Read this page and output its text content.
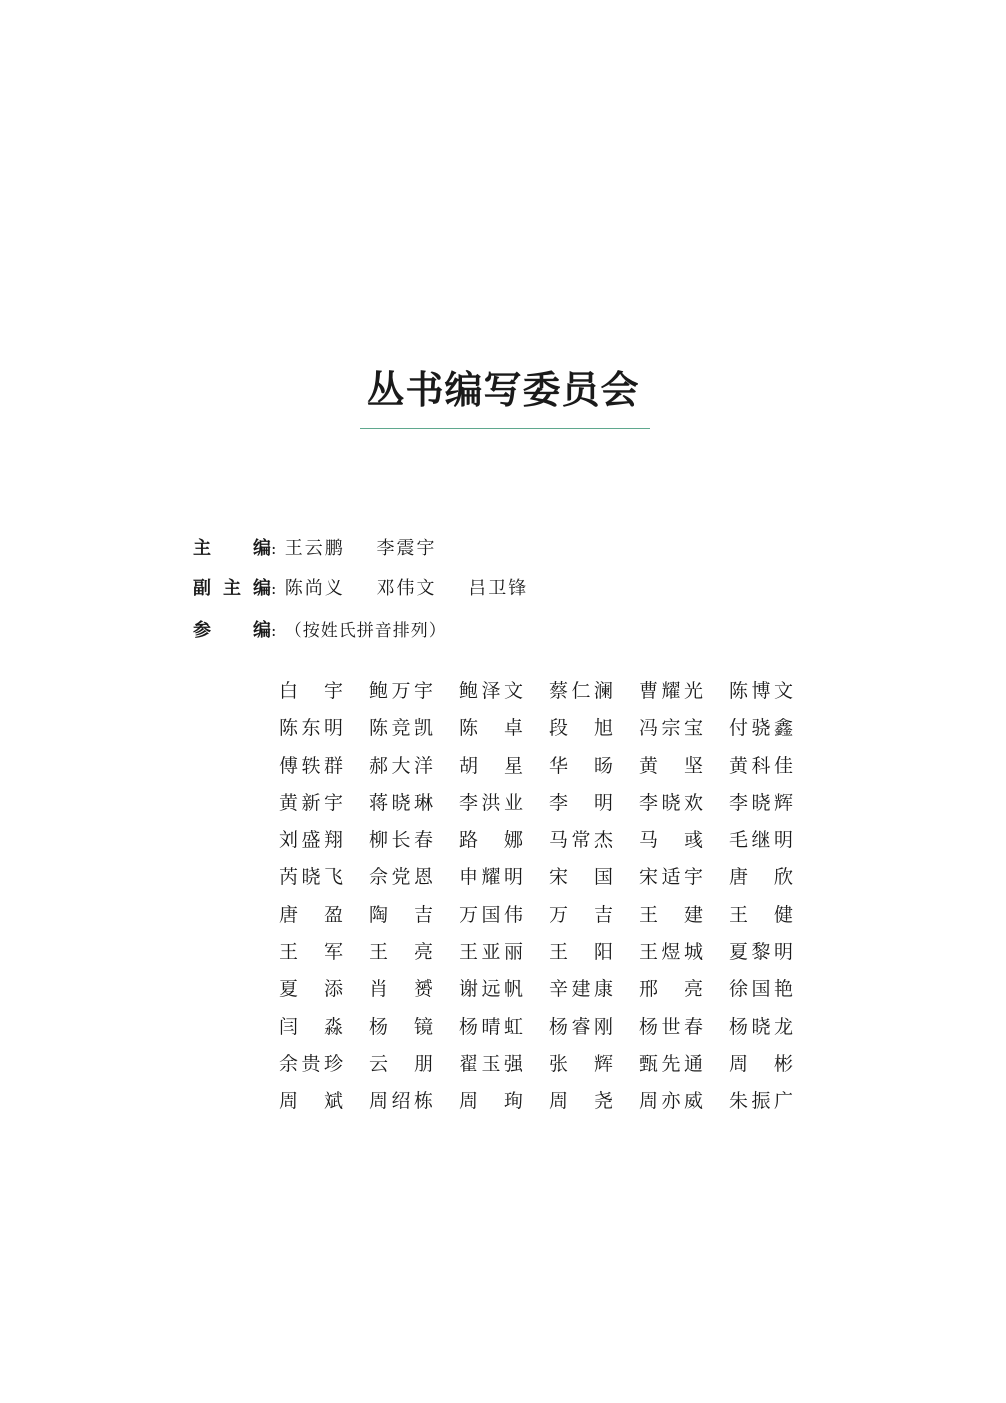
丛书编写委员会
主编: 王云鹏 李震宇
副主编: 陈尚义 邓伟文 吕卫锋
参编: （按姓氏拼音排列）
白 宇 鲍 万 宇 鲍 泽 文 蔡 仁 澜 曹 耀 光 陈 博 文
陈 东 明 陈 竞 凯 陈 卓 段 旭 冯 宗 宝 付 骁 鑫
傅 轶 群 郝 大 洋 胡 星 华 旸 黄 坚 黄 科 佳
黄 新 宇 蒋 晓 琳 李 洪 业 李 明 李 晓 欢 李 晓 辉
刘 盛 翔 柳 长 春 路 娜 马 常 杰 马 彧 毛 继 明
芮 晓 飞 佘 党 恩 申 耀 明 宋 国 宋 适 宇 唐 欣
唐 盈 陶 吉 万 国 伟 万 吉 王 建 王 健
王 军 王 亮 王 亚 丽 王 阳 王 煜 城 夏 黎 明
夏 添 肖 赟 谢 远 帆 辛 建 康 邢 亮 徐 国 艳
闫 淼 杨 镜 杨 晴 虹 杨 睿 刚 杨 世 春 杨 晓 龙
余 贵 珍 云 朋 翟 玉 强 张 辉 甄 先 通 周 彬
周 斌 周 绍 栋 周 珣 周 尧 周 亦 威 朱 振 广
